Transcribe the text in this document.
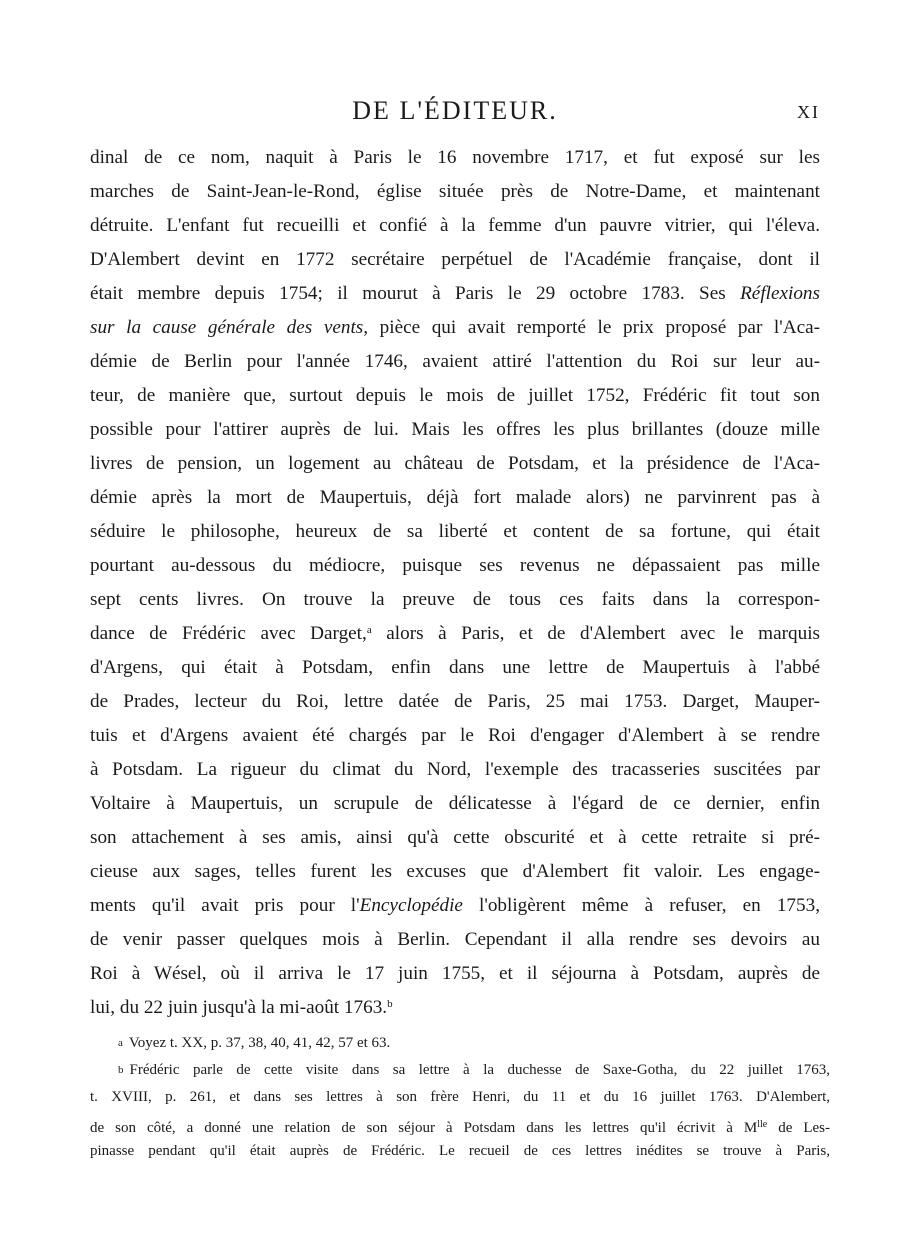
DE L'ÉDITEUR.	XI
dinal de ce nom, naquit à Paris le 16 novembre 1717, et fut exposé sur les
marches de Saint-Jean-le-Rond, église située près de Notre-Dame, et maintenant
détruite. L'enfant fut recueilli et confié à la femme d'un pauvre vitrier, qui l'éleva.
D'Alembert devint en 1772 secrétaire perpétuel de l'Académie française, dont il
était membre depuis 1754; il mourut à Paris le 29 octobre 1783. Ses Réflexions
sur la cause générale des vents, pièce qui avait remporté le prix proposé par l'Aca-
démie de Berlin pour l'année 1746, avaient attiré l'attention du Roi sur leur au-
teur, de manière que, surtout depuis le mois de juillet 1752, Frédéric fit tout son
possible pour l'attirer auprès de lui. Mais les offres les plus brillantes (douze mille
livres de pension, un logement au château de Potsdam, et la présidence de l'Aca-
démie après la mort de Maupertuis, déjà fort malade alors) ne parvinrent pas à
séduire le philosophe, heureux de sa liberté et content de sa fortune, qui était
pourtant au-dessous du médiocre, puisque ses revenus ne dépassaient pas mille
sept cents livres. On trouve la preuve de tous ces faits dans la correspon-
dance de Frédéric avec Darget,$^a$ alors à Paris, et de d'Alembert avec le marquis
d'Argens, qui était à Potsdam, enfin dans une lettre de Maupertuis à l'abbé
de Prades, lecteur du Roi, lettre datée de Paris, 25 mai 1753. Darget, Mauper-
tuis et d'Argens avaient été chargés par le Roi d'engager d'Alembert à se rendre
à Potsdam. La rigueur du climat du Nord, l'exemple des tracasseries suscitées par
Voltaire à Maupertuis, un scrupule de délicatesse à l'égard de ce dernier, enfin
son attachement à ses amis, ainsi qu'à cette obscurité et à cette retraite si pré-
cieuse aux sages, telles furent les excuses que d'Alembert fit valoir. Les engage-
ments qu'il avait pris pour l'Encyclopédie l'obligèrent même à refuser, en 1753,
de venir passer quelques mois à Berlin. Cependant il alla rendre ses devoirs au
Roi à Wésel, où il arriva le 17 juin 1755, et il séjourna à Potsdam, auprès de
lui, du 22 juin jusqu'à la mi-août 1763.$^b$
a Voyez t. XX, p. 37, 38, 40, 41, 42, 57 et 63.
b Frédéric parle de cette visite dans sa lettre à la duchesse de Saxe-Gotha, du 22 juillet 1763,
t. XVIII, p. 261, et dans ses lettres à son frère Henri, du 11 et du 16 juillet 1763. D'Alembert,
de son côté, a donné une relation de son séjour à Potsdam dans les lettres qu'il écrivit à $M^{lle}$ de Les-
pinasse pendant qu'il était auprès de Frédéric. Le recueil de ces lettres inédites se trouve à Paris,
